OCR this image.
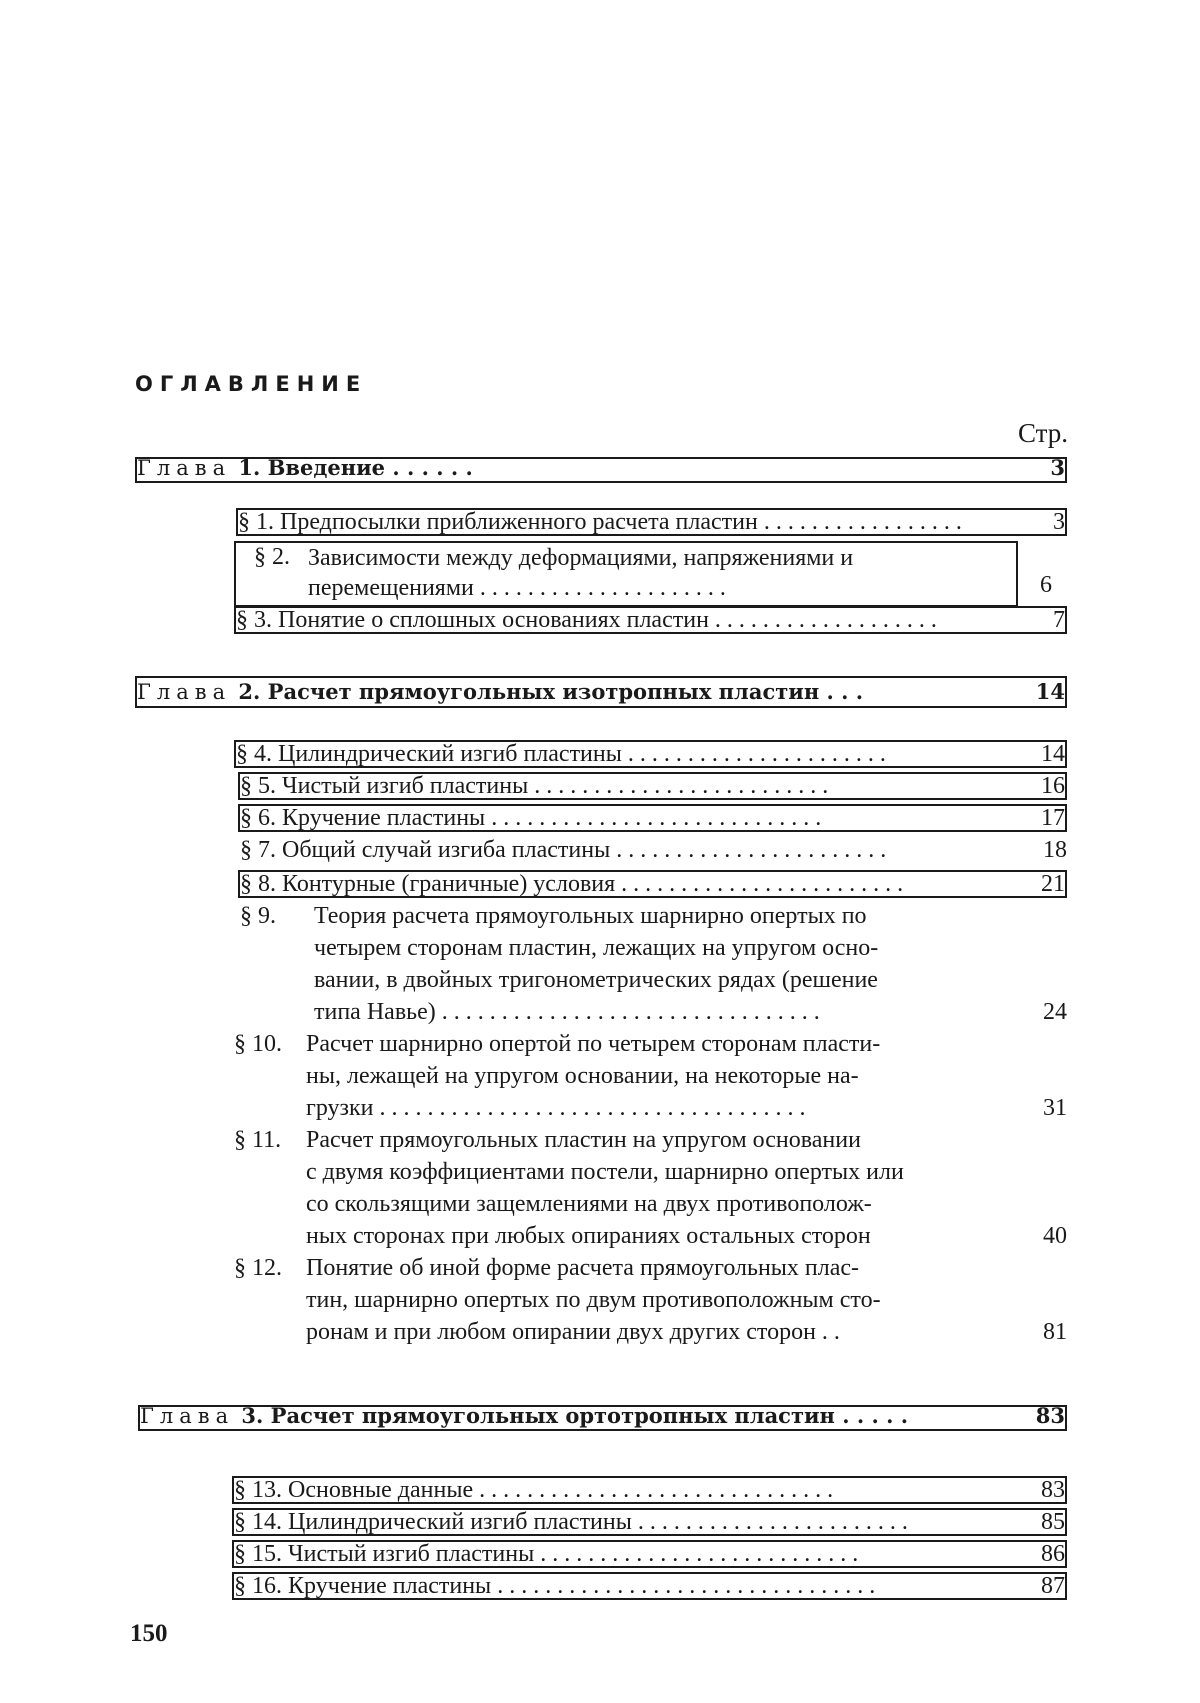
ОГЛАВЛЕНИЕ
Стр.
Глава 1. Введение . . . . . .	3
§ 1. Предпосылки приближенного расчета пластин . . . . . . . . . . . . . . . . .	3
§ 2. Зависимости между деформациями, напряжениями и
перемещениями . . . . . . . . . . . . . . . . . . . . .	6
§ 3. Понятие о сплошных основаниях пластин . . . . . . . . . . . . . . . . . . .	7
Глава 2. Расчет прямоугольных изотропных пластин . . .	14
§ 4. Цилиндрический изгиб пластины . . . . . . . . . . . . . . . . . . . . . .	14
§ 5. Чистый изгиб пластины . . . . . . . . . . . . . . . . . . . . . . . . .	16
§ 6. Кручение пластины . . . . . . . . . . . . . . . . . . . . . . . . . . . .	17
§ 7. Общий случай изгиба пластины . . . . . . . . . . . . . . . . . . . . . . .	18
§ 8. Контурные (граничные) условия . . . . . . . . . . . . . . . . . . . . . . . .	21
§ 9.	Теория расчета прямоугольных шарнирно опертых по
четырем сторонам пластин, лежащих на упругом осно-
вании, в двойных тригонометрических рядах (решение
типа Навье) . . . . . . . . . . . . . . . . . . . . . . . . . . . . . . . .	24
§ 10.	Расчет шарнирно опертой по четырем сторонам пласти-
ны, лежащей на упругом основании, на некоторые на-
грузки . . . . . . . . . . . . . . . . . . . . . . . . . . . . . . . . . . . .	31
§ 11.	Расчет прямоугольных пластин на упругом основании
с двумя коэффициентами постели, шарнирно опертых или
со скользящими защемлениями на двух противополож-
ных сторонах при любых опираниях остальных сторон	40
§ 12.	Понятие об иной форме расчета прямоугольных плас-
тин, шарнирно опертых по двум противоположным сто-
ронам и при любом опирании двух других сторон . .	81
Глава 3. Расчет прямоугольных ортотропных пластин . . . . .	83
§ 13. Основные данные . . . . . . . . . . . . . . . . . . . . . . . . . . . . . .	83
§ 14. Цилиндрический изгиб пластины . . . . . . . . . . . . . . . . . . . . . . .	85
§ 15. Чистый изгиб пластины . . . . . . . . . . . . . . . . . . . . . . . . . . .	86
§ 16. Кручение пластины . . . . . . . . . . . . . . . . . . . . . . . . . . . . . . . .	87
150
